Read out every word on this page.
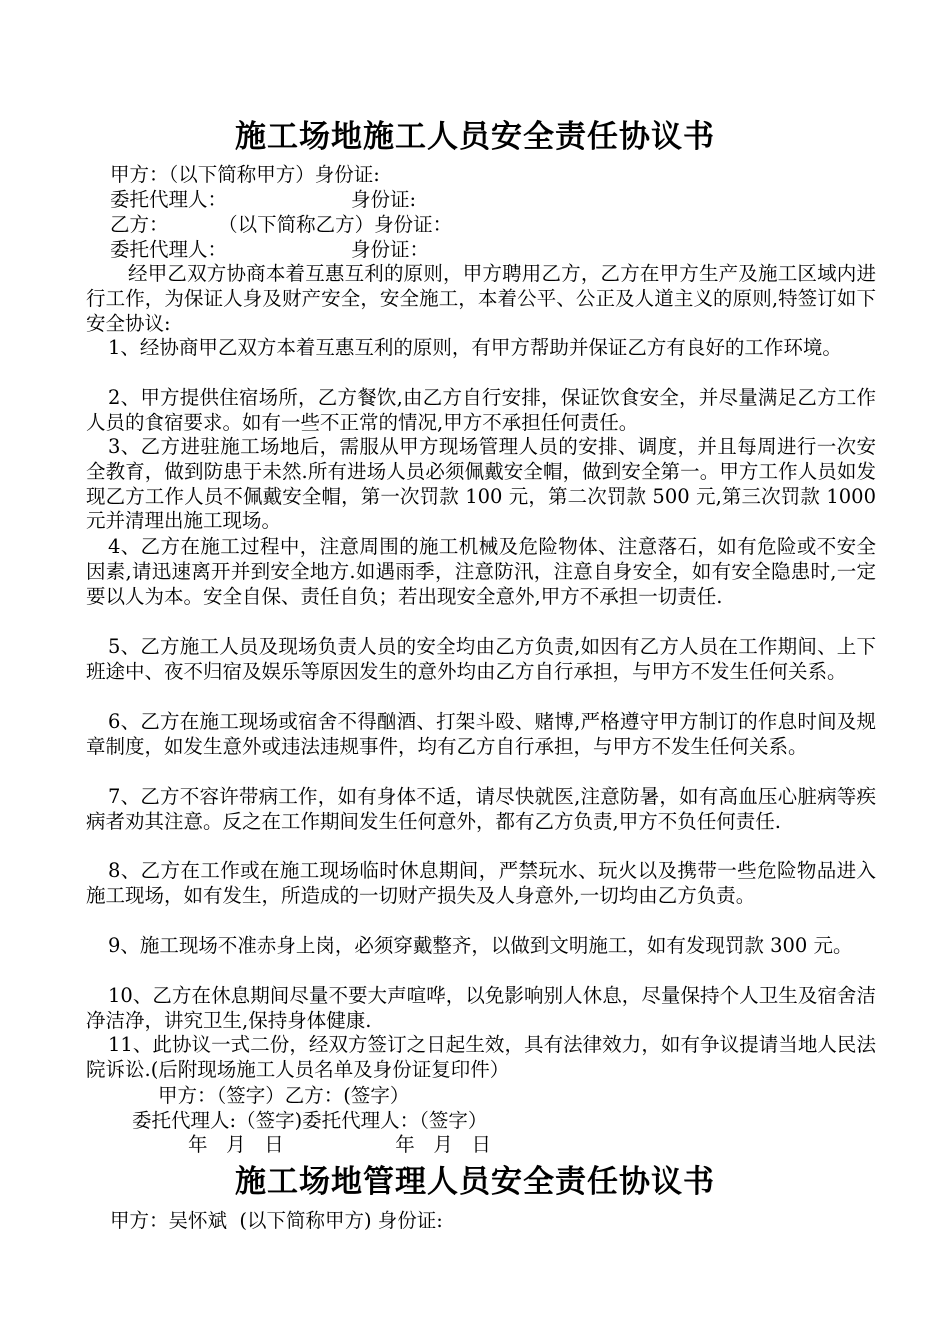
施工场地施工人员安全责任协议书
甲方：（以下简称甲方）身份证:
委托代理人：                    身份证:
乙方：        （以下简称乙方）身份证：
委托代理人：                    身份证：
经甲乙双方协商本着互惠互利的原则，甲方聘用乙方，乙方在甲方生产及施工区域内进行工作，为保证人身及财产安全，安全施工，本着公平、公正及人道主义的原则,特签订如下安全协议:
1、经协商甲乙双方本着互惠互利的原则，有甲方帮助并保证乙方有良好的工作环境。
2、甲方提供住宿场所，乙方餐饮,由乙方自行安排，保证饮食安全，并尽量满足乙方工作人员的食宿要求。如有一些不正常的情况,甲方不承担任何责任。
3、乙方进驻施工场地后，需服从甲方现场管理人员的安排、调度，并且每周进行一次安全教育，做到防患于未然.所有进场人员必须佩戴安全帽，做到安全第一。甲方工作人员如发现乙方工作人员不佩戴安全帽，第一次罚款 100 元，第二次罚款 500 元,第三次罚款 1000 元并清理出施工现场。
4、乙方在施工过程中，注意周围的施工机械及危险物体、注意落石，如有危险或不安全因素,请迅速离开并到安全地方.如遇雨季，注意防汛，注意自身安全，如有安全隐患时,一定要以人为本。安全自保、责任自负；若出现安全意外,甲方不承担一切责任.
5、乙方施工人员及现场负责人员的安全均由乙方负责,如因有乙方人员在工作期间、上下班途中、夜不归宿及娱乐等原因发生的意外均由乙方自行承担，与甲方不发生任何关系。
6、乙方在施工现场或宿舍不得酗酒、打架斗殴、赌博,严格遵守甲方制订的作息时间及规章制度，如发生意外或违法违规事件，均有乙方自行承担，与甲方不发生任何关系。
7、乙方不容许带病工作，如有身体不适，请尽快就医,注意防暑，如有高血压心脏病等疾病者劝其注意。反之在工作期间发生任何意外，都有乙方负责,甲方不负任何责任.
8、乙方在工作或在施工现场临时休息期间，严禁玩水、玩火以及携带一些危险物品进入施工现场，如有发生，所造成的一切财产损失及人身意外,一切均由乙方负责。
9、施工现场不准赤身上岗，必须穿戴整齐，以做到文明施工，如有发现罚款 300 元。
10、乙方在休息期间尽量不要大声喧哗，以免影响别人休息，尽量保持个人卫生及宿舍洁净洁净，讲究卫生,保持身体健康.
11、此协议一式二份，经双方签订之日起生效，具有法律效力，如有争议提请当地人民法院诉讼.(后附现场施工人员名单及身份证复印件）
甲方：（签字）乙方：(签字）
委托代理人:（签字)委托代理人：（签字）
年   月   日                  年   月   日
施工场地管理人员安全责任协议书
甲方：吴怀斌  (以下简称甲方) 身份证:
